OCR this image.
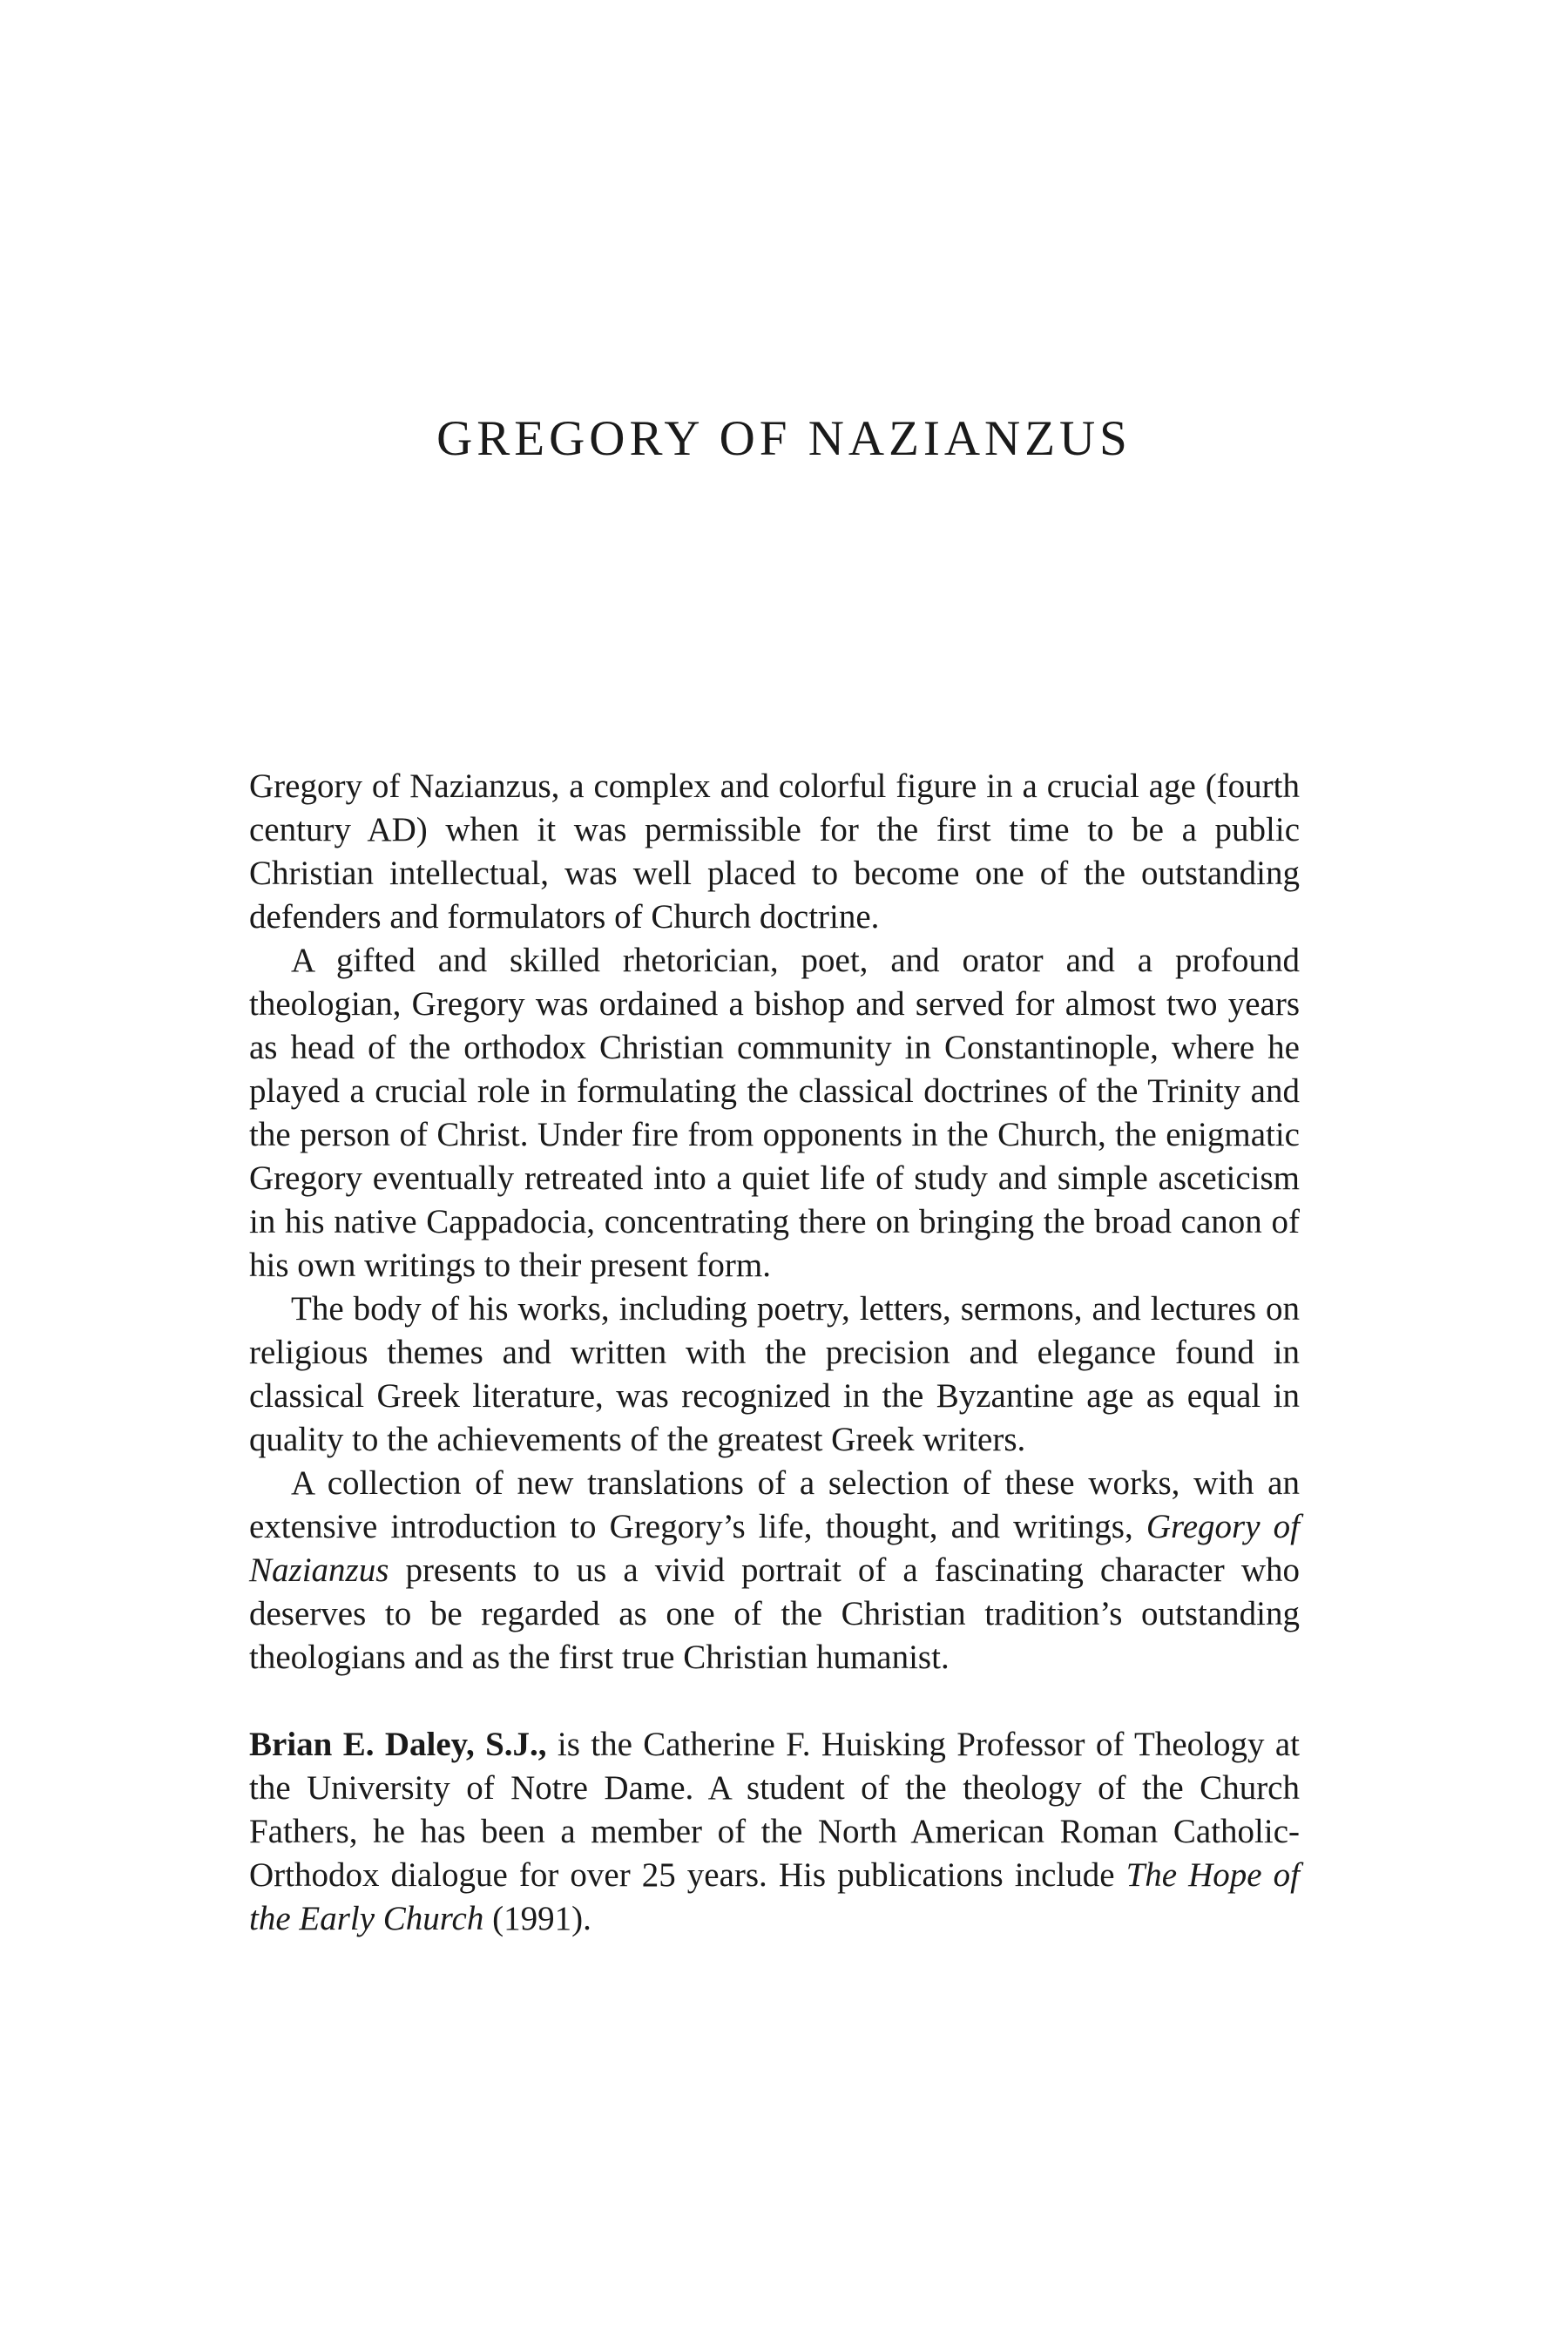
GREGORY OF NAZIANZUS

Gregory of Nazianzus, a complex and colorful figure in a crucial age (fourth century AD) when it was permissible for the first time to be a public Christian intellectual, was well placed to become one of the outstanding defenders and formulators of Church doctrine.

A gifted and skilled rhetorician, poet, and orator and a profound theologian, Gregory was ordained a bishop and served for almost two years as head of the orthodox Christian community in Constantinople, where he played a crucial role in formulating the classical doctrines of the Trinity and the person of Christ. Under fire from opponents in the Church, the enigmatic Gregory eventually retreated into a quiet life of study and simple asceticism in his native Cappadocia, concentrating there on bringing the broad canon of his own writings to their present form.

The body of his works, including poetry, letters, sermons, and lectures on religious themes and written with the precision and elegance found in classical Greek literature, was recognized in the Byzantine age as equal in quality to the achievements of the greatest Greek writers.

A collection of new translations of a selection of these works, with an extensive introduction to Gregory’s life, thought, and writings, Gregory of Nazianzus presents to us a vivid portrait of a fascinating character who deserves to be regarded as one of the Christian tradition’s outstanding theologians and as the first true Christian humanist.

Brian E. Daley, S.J., is the Catherine F. Huisking Professor of Theology at the University of Notre Dame. A student of the theology of the Church Fathers, he has been a member of the North American Roman Catholic-Orthodox dialogue for over 25 years. His publications include The Hope of the Early Church (1991).
